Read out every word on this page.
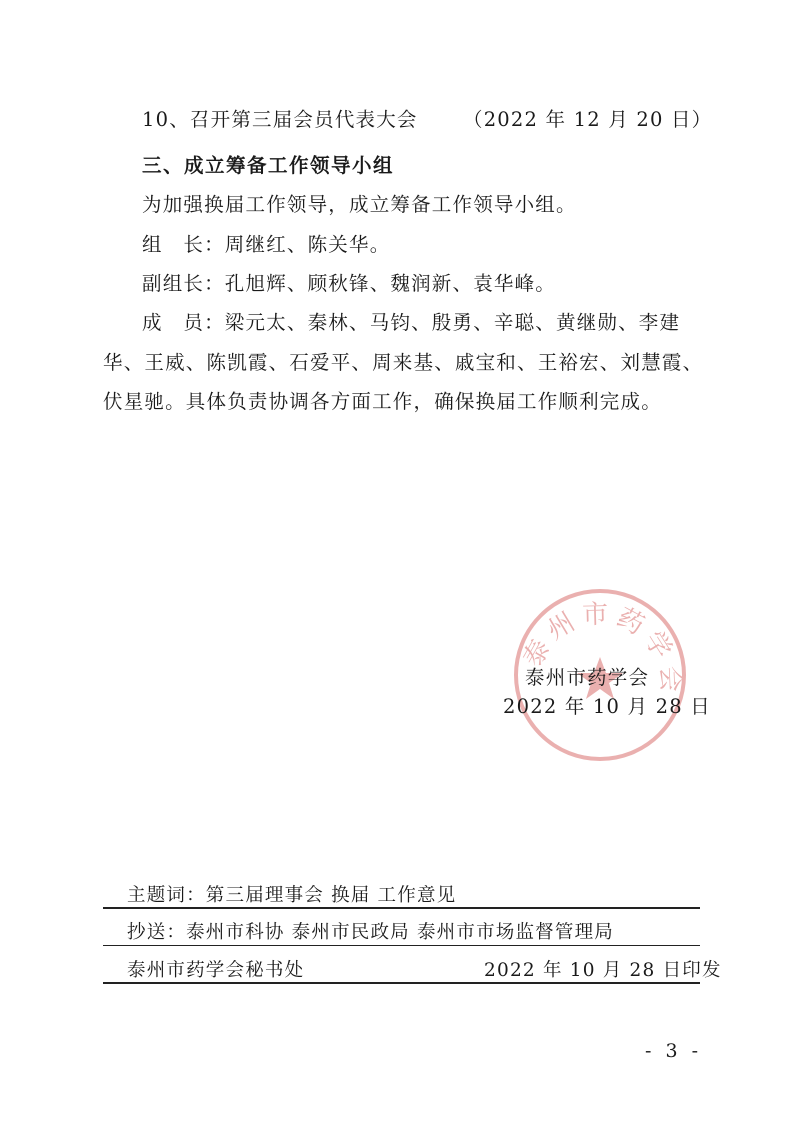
10、召开第三届会员代表大会 （2022 年 12 月 20 日）
三、成立筹备工作领导小组
为加强换届工作领导，成立筹备工作领导小组。
组　长：周继红、陈关华。
副组长：孔旭辉、顾秋锋、魏润新、袁华峰。
成　员：梁元太、秦林、马钧、殷勇、辛聪、黄继勋、李建
华、王威、陈凯霞、石爱平、周来基、戚宝和、王裕宏、刘慧霞、
伏星驰。具体负责协调各方面工作，确保换届工作顺利完成。
泰州市药学会
泰州市药学会
2022 年 10 月 28 日
主题词：第三届理事会 换届 工作意见
抄送：泰州市科协 泰州市民政局 泰州市市场监督管理局
泰州市药学会秘书处	2022 年 10 月 28 日印发
- 3 -
